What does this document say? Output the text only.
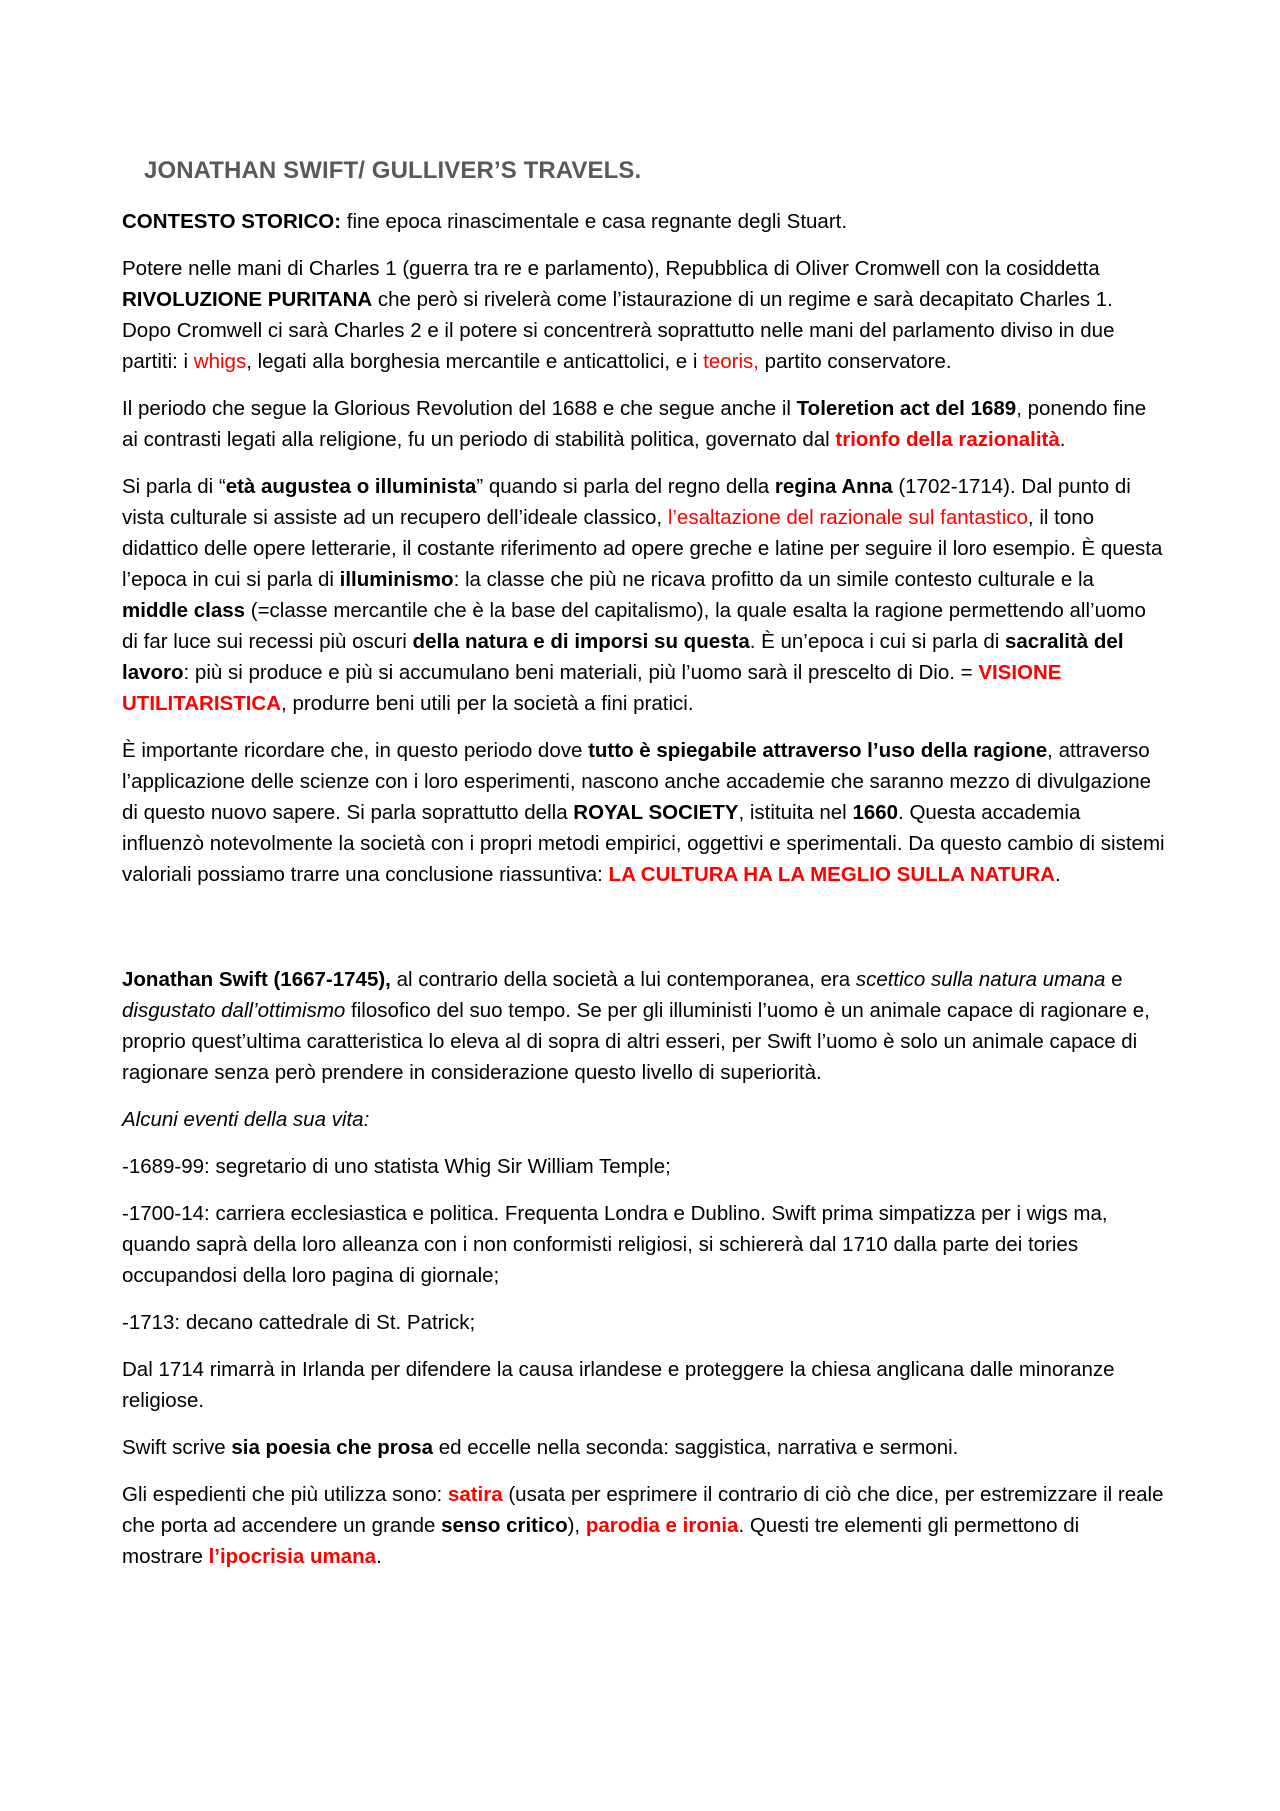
JONATHAN SWIFT/ GULLIVER’S TRAVELS.

CONTESTO STORICO: fine epoca rinascimentale e casa regnante degli Stuart.

Potere nelle mani di Charles 1 (guerra tra re e parlamento), Repubblica di Oliver Cromwell con la cosiddetta RIVOLUZIONE PURITANA che però si rivelerà come l’istaurazione di un regime e sarà decapitato Charles 1. Dopo Cromwell ci sarà Charles 2 e il potere si concentrerà soprattutto nelle mani del parlamento diviso in due partiti: i whigs, legati alla borghesia mercantile e anticattolici, e i teoris, partito conservatore.

Il periodo che segue la Glorious Revolution del 1688 e che segue anche il Toleretion act del 1689, ponendo fine ai contrasti legati alla religione, fu un periodo di stabilità politica, governato dal trionfo della razionalità.

Si parla di “età augustea o illuminista” quando si parla del regno della regina Anna (1702-1714). Dal punto di vista culturale si assiste ad un recupero dell’ideale classico, l’esaltazione del razionale sul fantastico, il tono didattico delle opere letterarie, il costante riferimento ad opere greche e latine per seguire il loro esempio. È questa l’epoca in cui si parla di illuminismo: la classe che più ne ricava profitto da un simile contesto culturale e la middle class (=classe mercantile che è la base del capitalismo), la quale esalta la ragione permettendo all’uomo di far luce sui recessi più oscuri della natura e di imporsi su questa. È un’epoca i cui si parla di sacralità del lavoro: più si produce e più si accumulano beni materiali, più l’uomo sarà il prescelto di Dio. = VISIONE UTILITARISTICA, produrre beni utili per la società a fini pratici.

È importante ricordare che, in questo periodo dove tutto è spiegabile attraverso l’uso della ragione, attraverso l’applicazione delle scienze con i loro esperimenti, nascono anche accademie che saranno mezzo di divulgazione di questo nuovo sapere. Si parla soprattutto della ROYAL SOCIETY, istituita nel 1660. Questa accademia influenzò notevolmente la società con i propri metodi empirici, oggettivi e sperimentali. Da questo cambio di sistemi valoriali possiamo trarre una conclusione riassuntiva: LA CULTURA HA LA MEGLIO SULLA NATURA.

Jonathan Swift (1667-1745), al contrario della società a lui contemporanea, era scettico sulla natura umana e disgustato dall’ottimismo filosofico del suo tempo. Se per gli illuministi l’uomo è un animale capace di ragionare e, proprio quest’ultima caratteristica lo eleva al di sopra di altri esseri, per Swift l’uomo è solo un animale capace di ragionare senza però prendere in considerazione questo livello di superiorità.

Alcuni eventi della sua vita:

-1689-99: segretario di uno statista Whig Sir William Temple;

-1700-14: carriera ecclesiastica e politica. Frequenta Londra e Dublino. Swift prima simpatizza per i wigs ma, quando saprà della loro alleanza con i non conformisti religiosi, si schiererà dal 1710 dalla parte dei tories occupandosi della loro pagina di giornale;

-1713: decano cattedrale di St. Patrick;

Dal 1714 rimarrà in Irlanda per difendere la causa irlandese e proteggere la chiesa anglicana dalle minoranze religiose.

Swift scrive sia poesia che prosa ed eccelle nella seconda: saggistica, narrativa e sermoni.

Gli espedienti che più utilizza sono: satira (usata per esprimere il contrario di ciò che dice, per estremizzare il reale che porta ad accendere un grande senso critico), parodia e ironia. Questi tre elementi gli permettono di mostrare l’ipocrisia umana.
